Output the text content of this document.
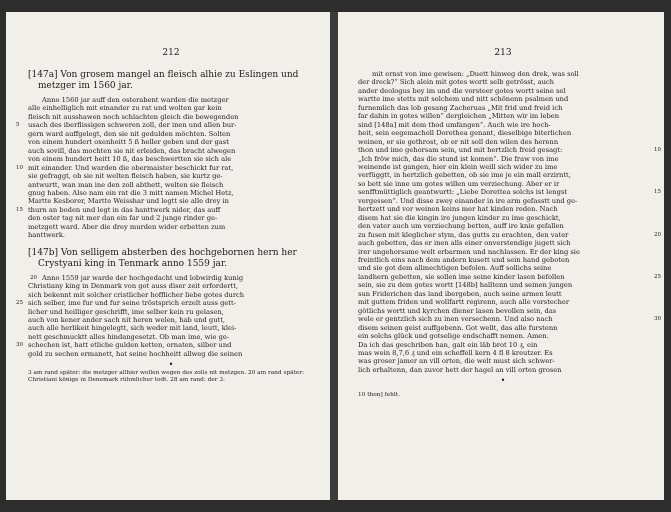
212

[147a] Von grosem mangel an fleisch alhie zu Eslingen und metzger im 1560 jar.

Anno 1560 jar auff den osterabent warden die metzger
alle einhelliglich mit einander zu rat und wolten gar kein
fleisch nit ausshawen noch schlachten gleich die bewegenden
usach des iberflissigen schweren zoll, der inen und allen bur-
5
gern ward auffgelegt, den sie nit gedulden möchten. Solten
von einem hundert oxenheitt 5 ß heller geben und der gast
auch sovill, das mochten sie nit erleiden, das bracht alwegen
von einem hundert heitt 10 ß, das beschwertten sie sich ale
mit einander. Und warden die obermaister beschickt fur rat,
10
sie gefraggt, ob sie nit welten fleisch haben, sie kurtz ge-
antwurtt, wan man ine den zoll abthett, welten sie fleisch
gnug haben. Also nam ein rat die 3 mitt namen Michel Hetz,
Martte Kesborer, Martte Weisshar und legtt sie alle drey in
thurn an boden und legt in das hanttwerk nider, das auff
15
den oster tag nit mer dan ein far und 2 junge rinder ge-
metzgett ward. Aber die drey murden wider erbetten zum
hanttwerk.

[147b] Von selligem absterben des hochgebornen hern her Crystyani king in Tenmark anno 1559 jar.

Anno 1559 jar warde der hochgedacht und lobwirdig kunig
20
Christiany king in Denmark von got auss diser zeit erfordertt,
sich bekennt mit solcher cristlicher hofflicher liebe gotes durch
sich selber, ime fur und fur seine tröstsprich erzelt auss gett-
25
licher und heilliger geschrifft, ime selber kein ru gelasen,
auch von kener ander sach nit heren welen, hab und gutt,
auch alle herlikeit hingelegtt, sich weder mit land, leutt, klei-
nett geschmucktt alles hindangesetzt. Ob man ime, wie ge-
schechen ist, hatt etliche gulden ketten, ornaten, silber und
30
gold zu sechen ermanett, hat seine hochheitt allweg die seinen
•

3 am rand später: die metzger allhier wollen wegen des zolls nit metzgen. 20 am rand später: Christiani könige in Denemark rühmlicher todt. 28 am rand: der 3.

213
mit ernst von ime gewisen: „Duett hinweg den drek, was soll
der dreck?“ Sich alein mit gotes wortt selb getrösst, auch
ander deologus bey im und die vorsteer gotes wortt seine sel
wartte ime stetts mit solchem und nitt schönenn psalmen und
furnemlich das lob gesang Zacheruas „Mit frid und freid ich
far dahin in gotes willen“ dergleichen „Mitten wir im leben
sind [148a] mit dem thod umfangen“. Auch wie ire hoch-
heit, sein eegemachell Dorethea genant, dieselbige biterlichen
weinen, er sie gethrost, ob er nit soll den wilen des herenn
thon und ime gehorsam sein, und mit hertzlich freid gesagt:	10
„Ich fröw mich, das die stund ist komen“. Die fraw von ime
weinende ist gangen, hier ein klein weill sich wider zu ime
verfüggtt, in hertzlich gebetten, ob sie ime je ein mall erzirntt,
so bett sie inne um gotes willen um verziechung. Aber er ir
senfftmüttiglich geantwurtt: „Liebe Dorettea solchs ist lengst	15
vergessen“. Und disse zwey einander in ire arm gefasstt und ge-
hertzett und vor weinen keins mer hat kinden reden. Nach
disem hat sie die kingin ire jungen kinder zu ime geschickt,
den vater auch um verziechung betten, auff ire knie gefallen
zu fusen mit kleglicher stym, das gutts zu erachten, den vater	20
auch gebetten, das er inen alls einer onverstendige jugett sich
irer ungehorsame welt erbarmen und nachlassen. Er der king sie
freintlich eins nach dem andern kusett und sein hand geboten
und sie got dem allmechtigen befolen. Auff sollichs seine
landhern gebetten, sie sollen ime seine kinder lasen befollen	25
sein, sie zu dem gotes wortt [148b] halltenn und seinen jungen
sun Friderichen das land ibergeben, auch seine armen leutt
mit guttem friden und wollfartt regirenn, auch alle vorstecher
götlichs wortt und kyrchen diener lasen bevollen sein, das
wele er gentzlich sich zu inen versechenn. Und also nach	30
disem seinen geist auffgebenn. Got wellt, das alle furstenn
ein solchs glück und gotselige endschafft nemen. Amen.
Da ich das geschriben han, galt ein läb brot 10 ₰, ein
mas wein 8,7,6 ₰ und ein scheffell kern 4 fl 8 kreutzer. Es
was groser jamer an vill orten, die welt must sich schwer-
lich erhaltenn, dan zuvor hett der hagel an vill orten grosen
•
10 thon] fehlt.
